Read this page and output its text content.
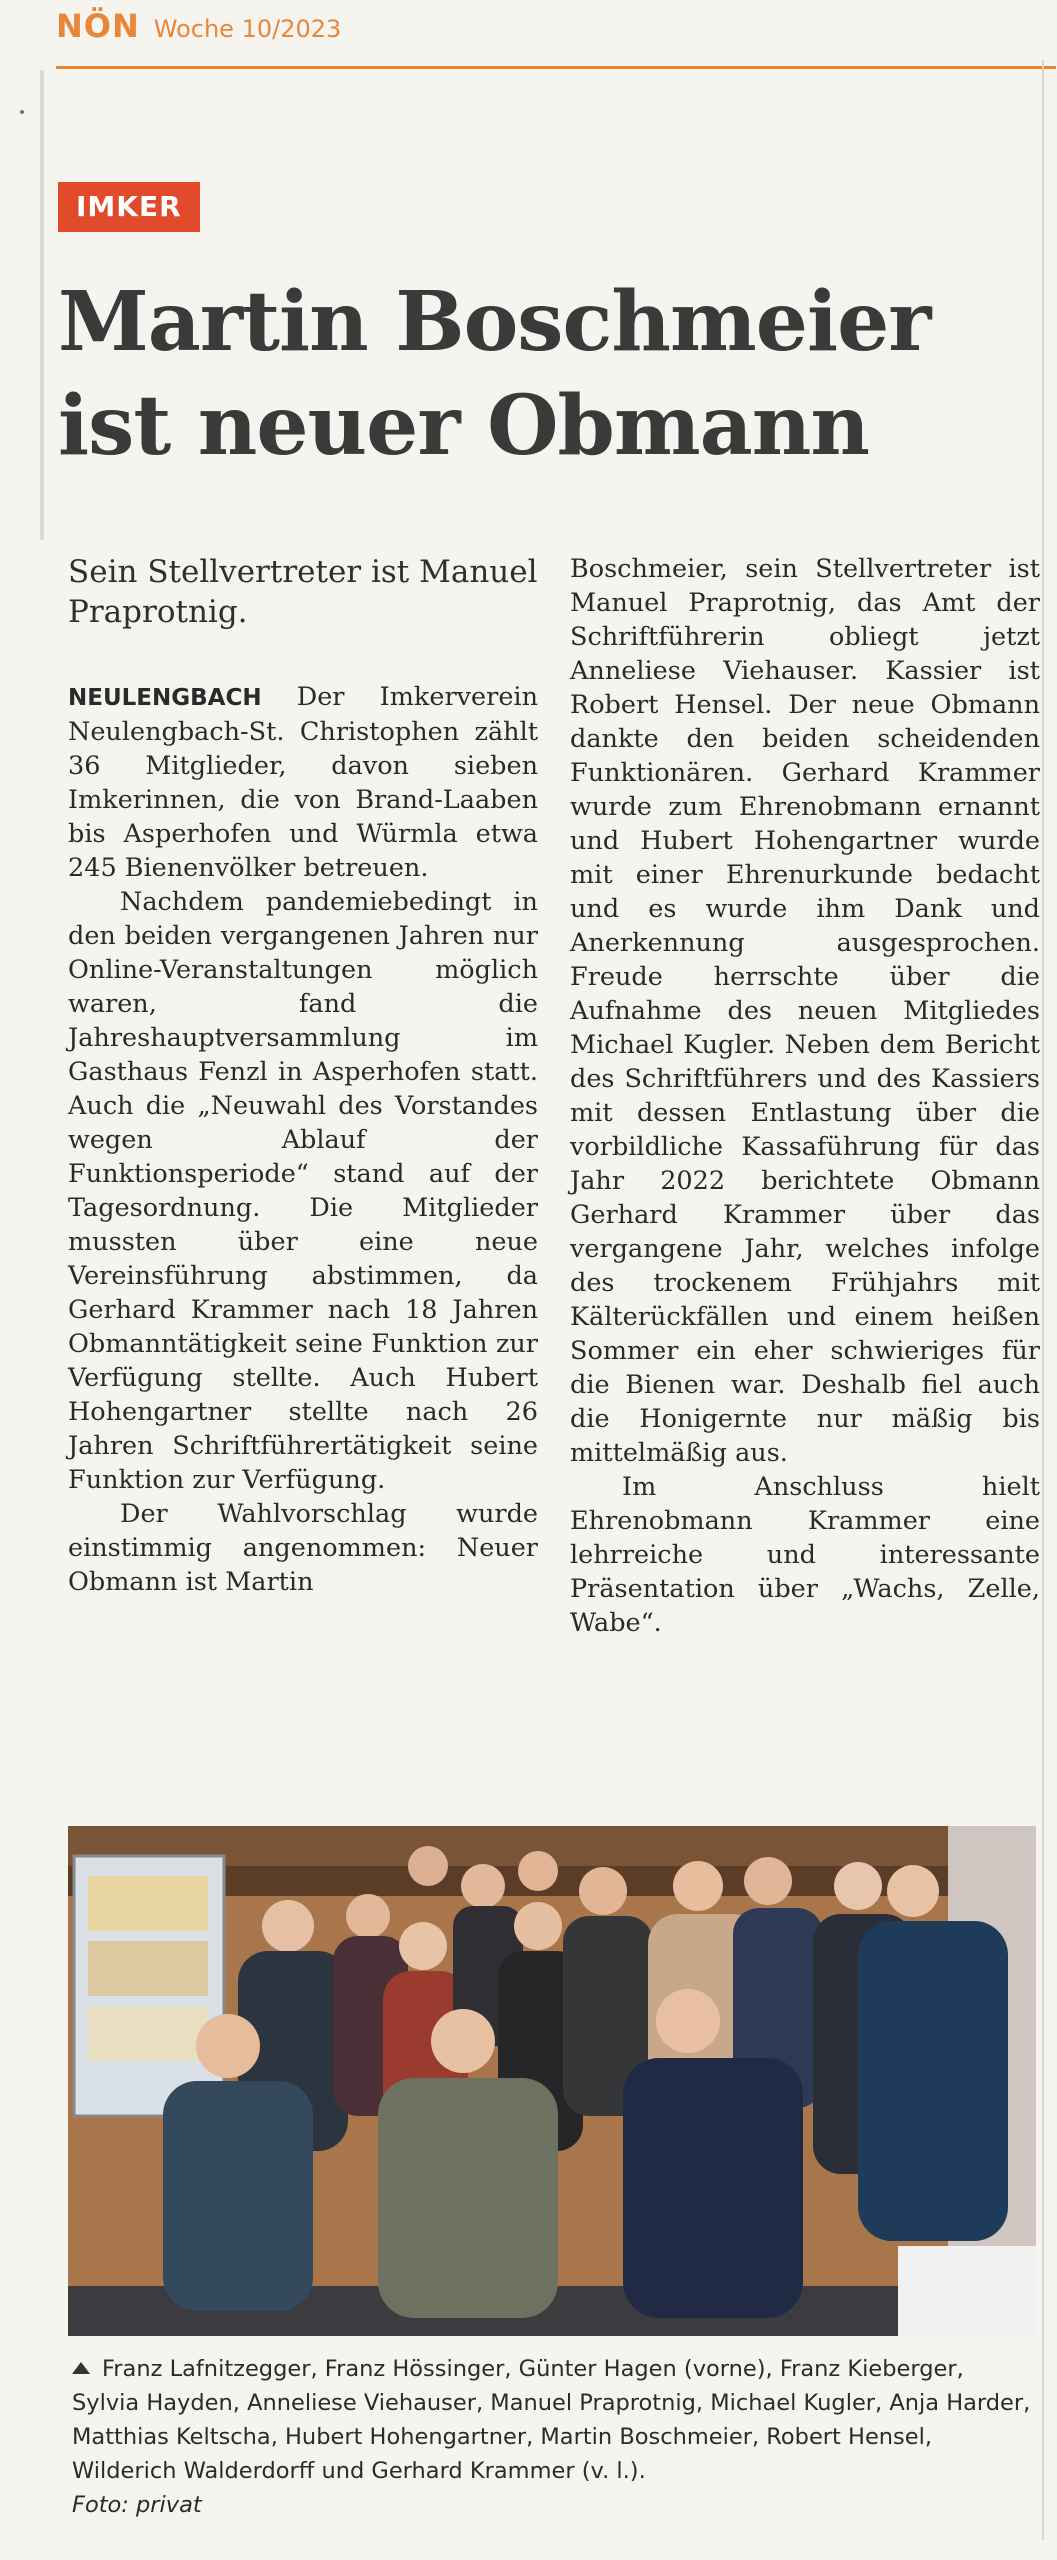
NÖN Woche 10/2023
IMKER
Martin Boschmeier
ist neuer Obmann

Sein Stellvertreter ist Manuel Praprotnig.

NEULENGBACH Der Imkerverein Neulengbach-St. Christophen zählt 36 Mitglieder, davon sieben Imkerinnen, die von Brand-Laaben bis Asperhofen und Würmla etwa 245 Bienenvölker betreuen.

Nachdem pandemiebedingt in den beiden vergangenen Jahren nur Online-Veranstaltungen möglich waren, fand die Jahreshauptversammlung im Gasthaus Fenzl in Asperhofen statt. Auch die „Neuwahl des Vorstandes wegen Ablauf der Funktionsperiode“ stand auf der Tagesordnung. Die Mitglieder mussten über eine neue Vereinsführung abstimmen, da Gerhard Krammer nach 18 Jahren Obmanntätigkeit seine Funktion zur Verfügung stellte. Auch Hubert Hohengartner stellte nach 26 Jahren Schriftführertätigkeit seine Funktion zur Verfügung.

Der Wahlvorschlag wurde einstimmig angenommen: Neuer Obmann ist Martin

Boschmeier, sein Stellvertreter ist Manuel Praprotnig, das Amt der Schriftführerin obliegt jetzt Anneliese Viehauser. Kassier ist Robert Hensel. Der neue Obmann dankte den beiden scheidenden Funktionären. Gerhard Krammer wurde zum Ehrenobmann ernannt und Hubert Hohengartner wurde mit einer Ehrenurkunde bedacht und es wurde ihm Dank und Anerkennung ausgesprochen. Freude herrschte über die Aufnahme des neuen Mitgliedes Michael Kugler. Neben dem Bericht des Schriftführers und des Kassiers mit dessen Entlastung über die vorbildliche Kassaführung für das Jahr 2022 berichtete Obmann Gerhard Krammer über das vergangene Jahr, welches infolge des trockenem Frühjahrs mit Kälterückfällen und einem heißen Sommer ein eher schwieriges für die Bienen war. Deshalb fiel auch die Honigernte nur mäßig bis mittelmäßig aus.

Im Anschluss hielt Ehrenobmann Krammer eine lehrreiche und interessante Präsentation über „Wachs, Zelle, Wabe“.

Franz Lafnitzegger, Franz Hössinger, Günter Hagen (vorne), Franz Kieberger, Sylvia Hayden, Anneliese Viehauser, Manuel Praprotnig, Michael Kugler, Anja Harder, Matthias Keltscha, Hubert Hohengartner, Martin Boschmeier, Robert Hensel, Wilderich Walderdorff und Gerhard Krammer (v. l.).
Foto: privat
